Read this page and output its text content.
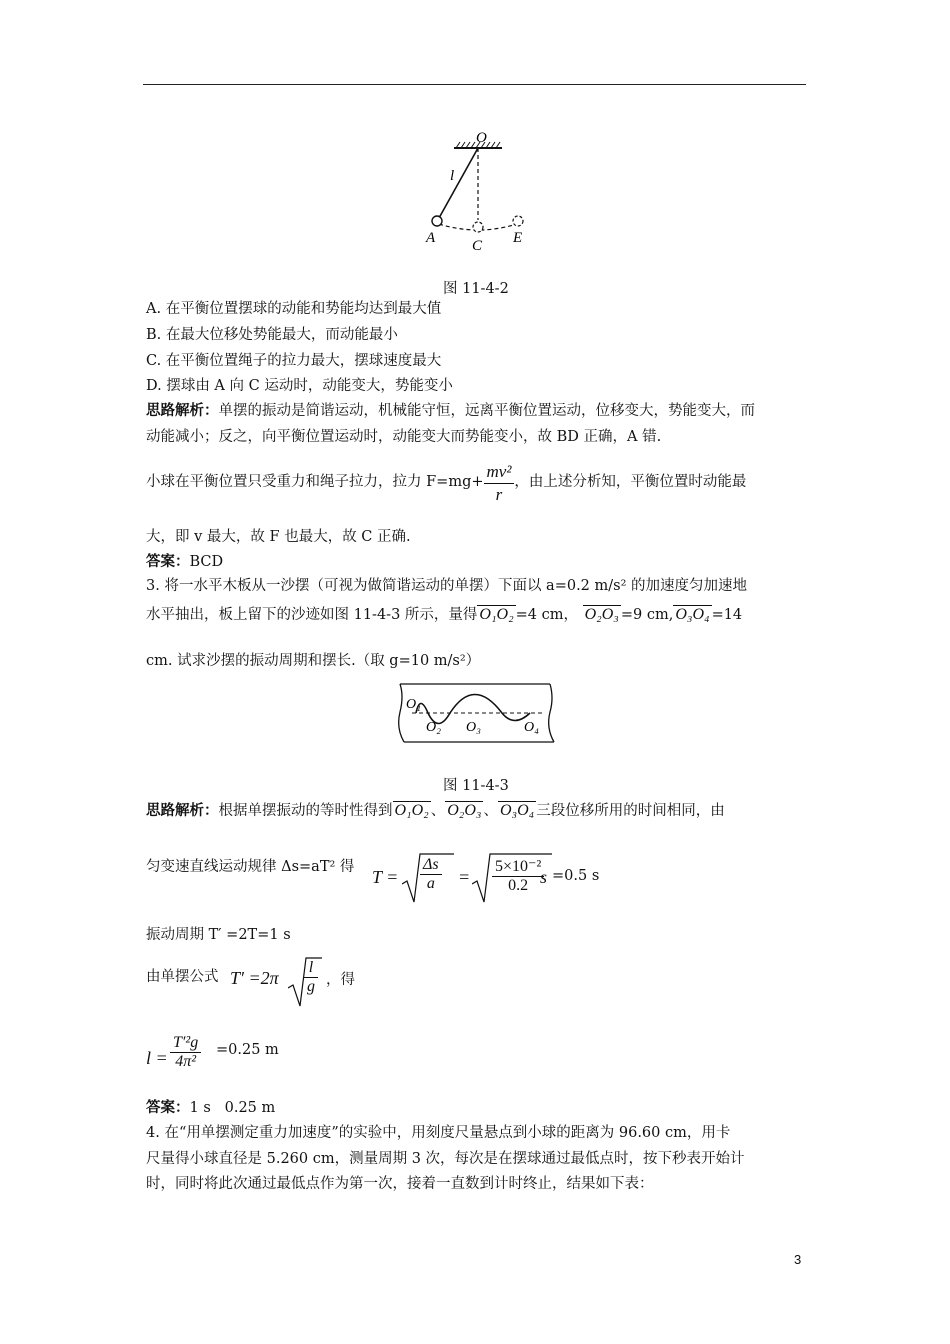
O
l
A C E
图 11-4-2
A. 在平衡位置摆球的动能和势能均达到最大值
B. 在最大位移处势能最大，而动能最小
C. 在平衡位置绳子的拉力最大，摆球速度最大
D. 摆球由 A 向 C 运动时，动能变大，势能变小
思路解析：单摆的振动是简谐运动，机械能守恒，远离平衡位置运动，位移变大，势能变大，而
动能减小；反之，向平衡位置运动时，动能变大而势能变小，故 BD 正确，A 错.
小球在平衡位置只受重力和绳子拉力，拉力 $F=mg+ \frac{\text{mv²}}{r}$ ，由上述分析知，平衡位置时动能最
大，即 v 最大，故 F 也最大，故 C 正确.
答案：BCD
3. 将一水平木板从一沙摆（可视为做简谐运动的单摆）下面以 a=0.2 m/s² 的加速度匀加速地
水平抽出，板上留下的沙迹如图 11-4-3 所示，量得 O₁O₂ =4 cm， O₂O₃ =9 cm, O₃O₄ =14
cm. 试求沙摆的振动周期和摆长.（取 g=10 m/s²）
O₁
O₂ O₃	O₄
图 11-4-3
思路解析：根据单摆振动的等时性得到 O₁O₂ 、 O₂O₃ 、 O₃O₄ 三段位移所用的时间相同，由
匀变速直线运动规律 Δs=aT² 得 $T = \frac{\Delta s}{a} = \frac{\text{5×10⁻²}}{0.2}$
s =0.5 s
振动周期 T′ =2T=1 s
由单摆公式 $T' =2\pi \frac{l}{g}$ ，得
$l = \frac{\text{T′²g}}{\text{4π²}} =0.25$ m
答案：1 s   0.25 m
4. 在“用单摆测定重力加速度”的实验中，用刻度尺量悬点到小球的距离为 96.60 cm，用卡
尺量得小球直径是 5.260 cm，测量周期 3 次，每次是在摆球通过最低点时，按下秒表开始计
时，同时将此次通过最低点作为第一次，接着一直数到计时终止，结果如下表：
3
